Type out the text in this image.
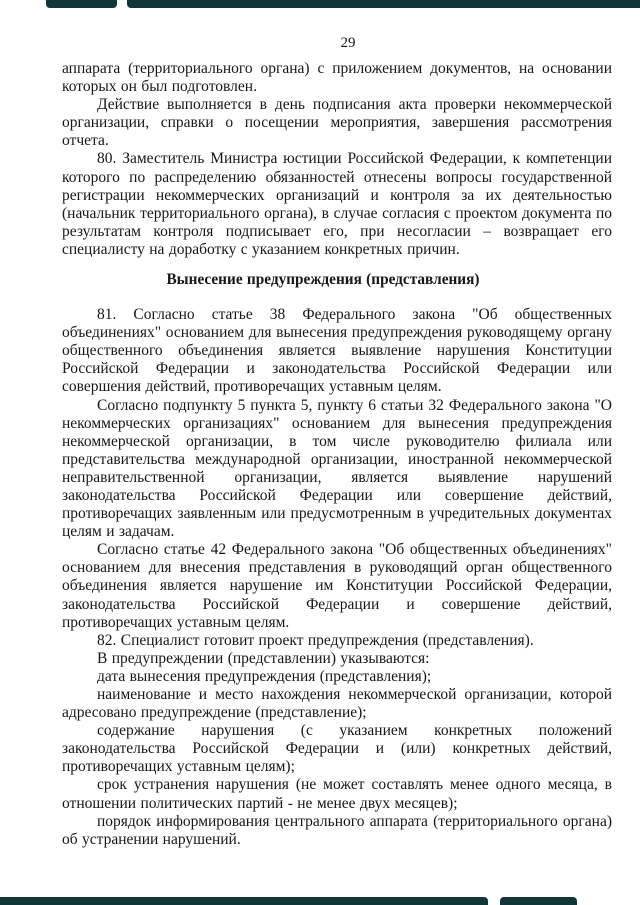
29

аппарата (территориального органа) с приложением документов, на основании которых он был подготовлен.

Действие выполняется в день подписания акта проверки некоммерческой организации, справки о посещении мероприятия, завершения рассмотрения отчета.

80. Заместитель Министра юстиции Российской Федерации, к компетенции которого по распределению обязанностей отнесены вопросы государственной регистрации некоммерческих организаций и контроля за их деятельностью (начальник территориального органа), в случае согласия с проектом документа по результатам контроля подписывает его, при несогласии – возвращает его специалисту на доработку с указанием конкретных причин.

Вынесение предупреждения (представления)

81. Согласно статье 38 Федерального закона "Об общественных объединениях" основанием для вынесения предупреждения руководящему органу общественного объединения является выявление нарушения Конституции Российской Федерации и законодательства Российской Федерации или совершения действий, противоречащих уставным целям.

Согласно подпункту 5 пункта 5, пункту 6 статьи 32 Федерального закона "О некоммерческих организациях" основанием для вынесения предупреждения некоммерческой организации, в том числе руководителю филиала или представительства международной организации, иностранной некоммерческой неправительственной организации, является выявление нарушений законодательства Российской Федерации или совершение действий, противоречащих заявленным или предусмотренным в учредительных документах целям и задачам.

Согласно статье 42 Федерального закона "Об общественных объединениях" основанием для внесения представления в руководящий орган общественного объединения является нарушение им Конституции Российской Федерации, законодательства Российской Федерации и совершение действий, противоречащих уставным целям.

82. Специалист готовит проект предупреждения (представления).

В предупреждении (представлении) указываются:

дата вынесения предупреждения (представления);

наименование и место нахождения некоммерческой организации, которой адресовано предупреждение (представление);

содержание нарушения (с указанием конкретных положений законодательства Российской Федерации и (или) конкретных действий, противоречащих уставным целям);

срок устранения нарушения (не может составлять менее одного месяца, в отношении политических партий - не менее двух месяцев);

порядок информирования центрального аппарата (территориального органа) об устранении нарушений.
